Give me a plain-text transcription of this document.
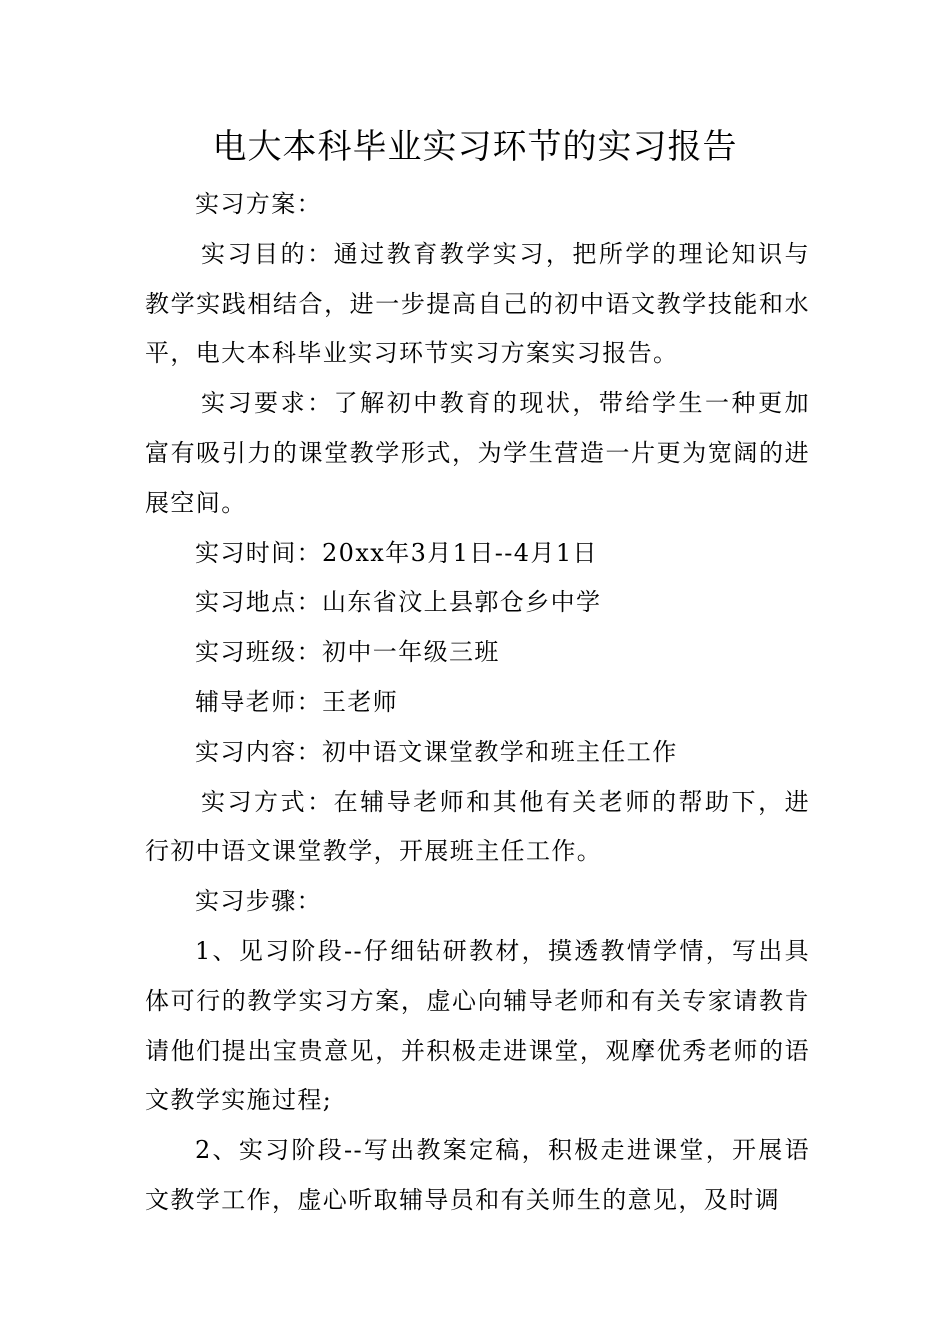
电大本科毕业实习环节的实习报告

实习方案：

实习目的：通过教育教学实习，把所学的理论知识与教学实践相结合，进一步提高自己的初中语文教学技能和水平，电大本科毕业实习环节实习方案实习报告。

实习要求：了解初中教育的现状，带给学生一种更加富有吸引力的课堂教学形式，为学生营造一片更为宽阔的进展空间。

实习时间：20xx年3月1日--4月1日

实习地点：山东省汶上县郭仓乡中学

实习班级：初中一年级三班

辅导老师：王老师

实习内容：初中语文课堂教学和班主任工作

实习方式：在辅导老师和其他有关老师的帮助下，进行初中语文课堂教学，开展班主任工作。

实习步骤：

1、见习阶段--仔细钻研教材，摸透教情学情，写出具体可行的教学实习方案，虚心向辅导老师和有关专家请教肯请他们提出宝贵意见，并积极走进课堂，观摩优秀老师的语文教学实施过程;

2、实习阶段--写出教案定稿，积极走进课堂，开展语文教学工作，虚心听取辅导员和有关师生的意见，及时调
